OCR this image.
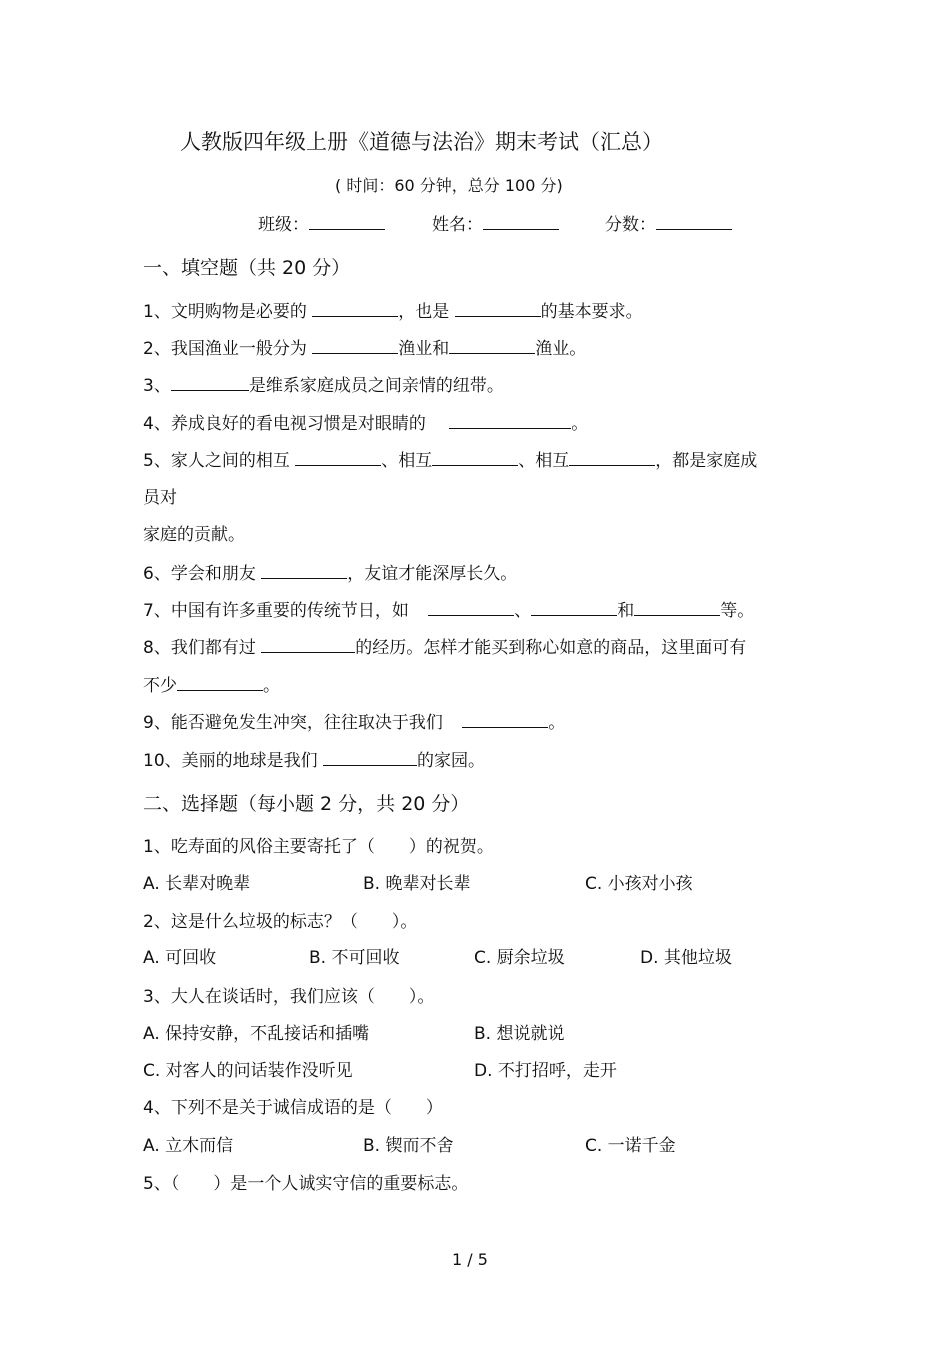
人教版四年级上册《道德与法治》期末考试（汇总）
( 时间：60 分钟，总分 100 分)
班级：	姓名：	分数：
一、填空题（共 20 分）
1、文明购物是必要的	，也是	的基本要求。
2、我国渔业一般分为	渔业和	渔业。
3、	是维系家庭成员之间亲情的纽带。
4、养成良好的看电视习惯是对眼睛的	。
5、家人之间的相互	、相互	、相互	，都是家庭成
员对
家庭的贡献。
6、学会和朋友	，友谊才能深厚长久。
7、中国有许多重要的传统节日，如	、	和	等。
8、我们都有过	的经历。怎样才能买到称心如意的商品，这里面可有
不少	。
9、能否避免发生冲突，往往取决于我们	。
10、美丽的地球是我们	的家园。
二、选择题（每小题 2 分，共 20 分）
1、吃寿面的风俗主要寄托了（　　）的祝贺。
A. 长辈对晚辈	B. 晚辈对长辈	C. 小孩对小孩
2、这是什么垃圾的标志？（　　）。
A. 可回收	B. 不可回收	C. 厨余垃圾	D. 其他垃圾
3、大人在谈话时，我们应该（　　）。
A. 保持安静，不乱接话和插嘴	B. 想说就说
C. 对客人的问话装作没听见	D. 不打招呼，走开
4、下列不是关于诚信成语的是（　　）
A. 立木而信	B. 锲而不舍	C. 一诺千金
5、（　　）是一个人诚实守信的重要标志。
1 / 5
